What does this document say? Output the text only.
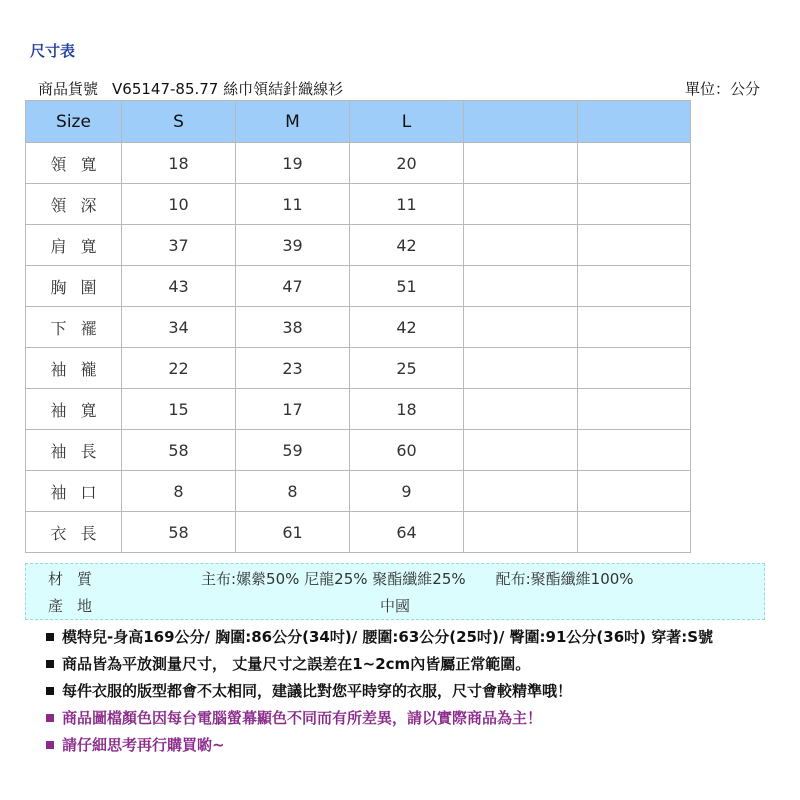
尺寸表
商品貨號 V65147-85.77 絲巾領結針織線衫	單位：公分
Size	S	M	L		
領寬	18	19	20		
領深	10	11	11		
肩寬	37	39	42		
胸圍	43	47	51		
下襬	34	38	42		
袖襱	22	23	25		
袖寬	15	17	18		
袖長	58	59	60		
袖口	8	8	9		
衣長	58	61	64		
材質	主布:嫘縈50% 尼龍25% 聚酯纖維25%　　配布:聚酯纖維100%
產地	中國
模特兒-身高169公分/ 胸圍:86公分(34吋)/ 腰圍:63公分(25吋)/ 臀圍:91公分(36吋) 穿著:S號
商品皆為平放測量尺寸， 丈量尺寸之誤差在1~2cm內皆屬正常範圍。
每件衣服的版型都會不太相同，建議比對您平時穿的衣服，尺寸會較精準哦！
商品圖檔顏色因每台電腦螢幕顯色不同而有所差異，請以實際商品為主！
請仔細思考再行購買喲~
